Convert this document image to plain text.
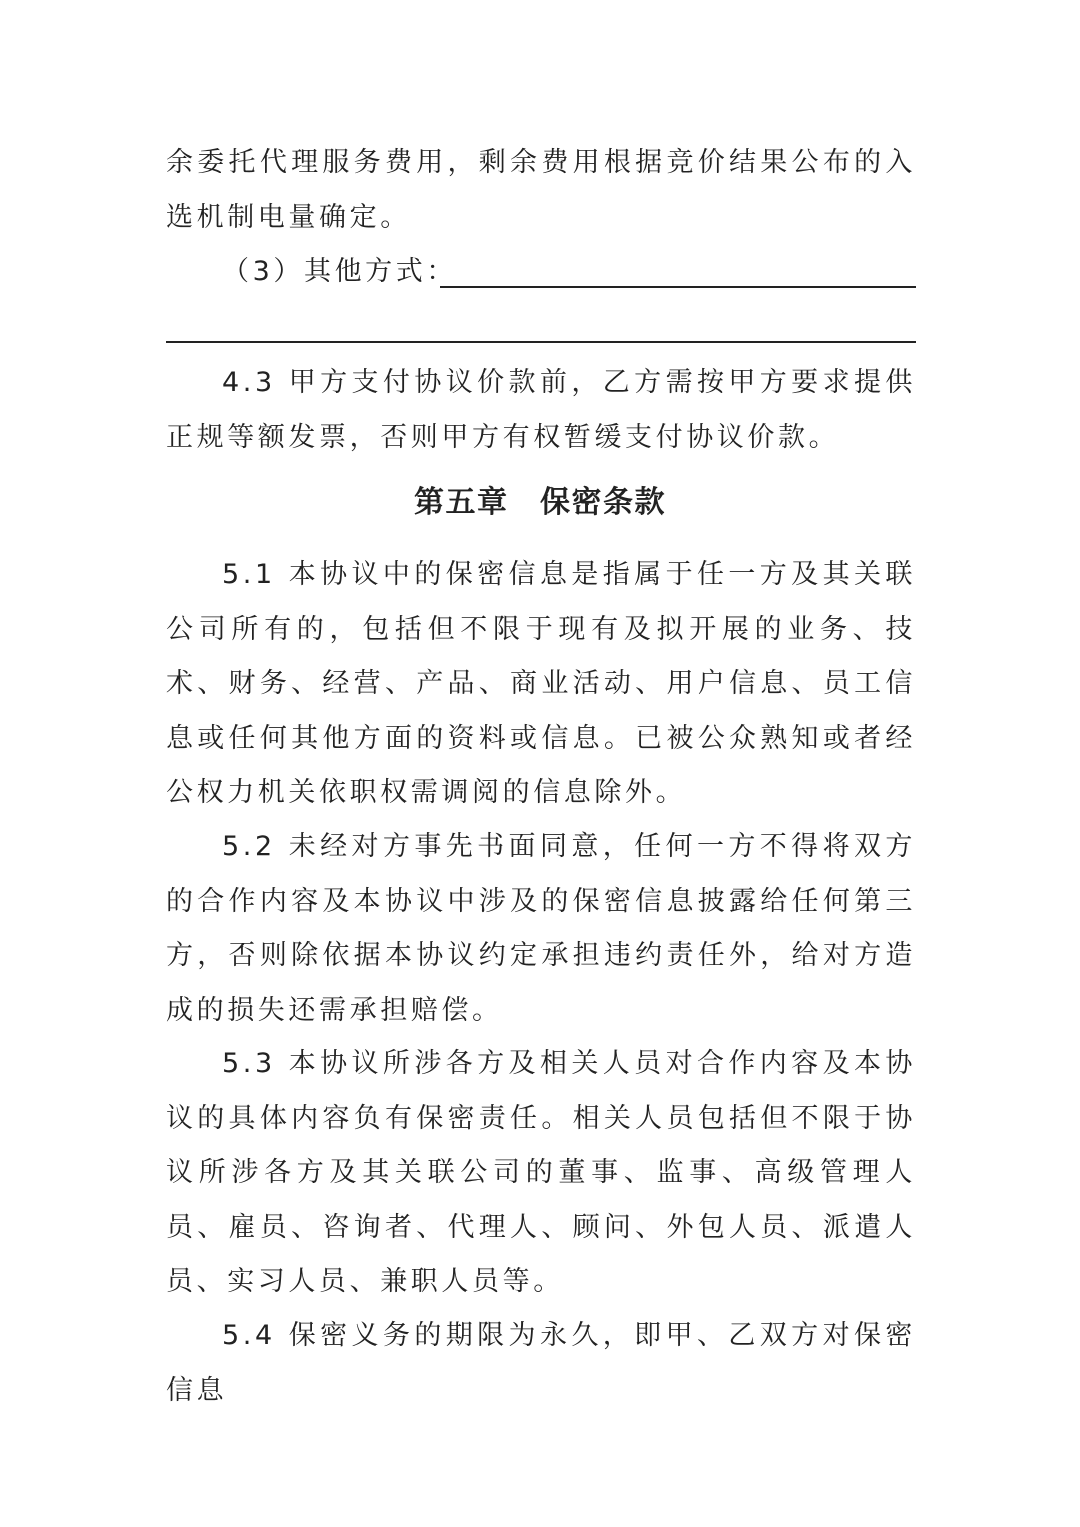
余委托代理服务费用，剩余费用根据竞价结果公布的入选机制电量确定。

（3）其他方式：

4.3 甲方支付协议价款前，乙方需按甲方要求提供正规等额发票，否则甲方有权暂缓支付协议价款。

第五章　保密条款

5.1 本协议中的保密信息是指属于任一方及其关联公司所有的，包括但不限于现有及拟开展的业务、技术、财务、经营、产品、商业活动、用户信息、员工信息或任何其他方面的资料或信息。已被公众熟知或者经公权力机关依职权需调阅的信息除外。

5.2 未经对方事先书面同意，任何一方不得将双方的合作内容及本协议中涉及的保密信息披露给任何第三方，否则除依据本协议约定承担违约责任外，给对方造成的损失还需承担赔偿。

5.3 本协议所涉各方及相关人员对合作内容及本协议的具体内容负有保密责任。相关人员包括但不限于协议所涉各方及其关联公司的董事、监事、高级管理人员、雇员、咨询者、代理人、顾问、外包人员、派遣人员、实习人员、兼职人员等。

5.4 保密义务的期限为永久，即甲、乙双方对保密信息
